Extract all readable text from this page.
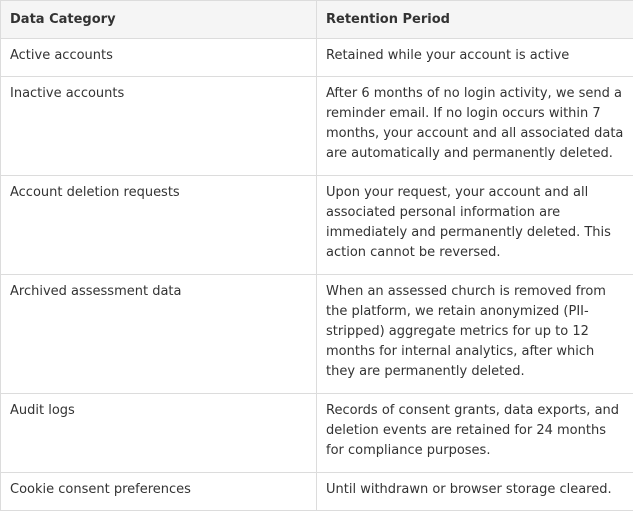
Data Category	Retention Period
Active accounts	Retained while your account is active
Inactive accounts	After 6 months of no login activity, we send a reminder email. If no login occurs within 7 months, your account and all associated data are automatically and permanently deleted.
Account deletion requests	Upon your request, your account and all associated personal information are immediately and permanently deleted. This action cannot be reversed.
Archived assessment data	When an assessed church is removed from the platform, we retain anonymized (PII-stripped) aggregate metrics for up to 12 months for internal analytics, after which they are permanently deleted.
Audit logs	Records of consent grants, data exports, and deletion events are retained for 24 months for compliance purposes.
Cookie consent preferences	Until withdrawn or browser storage cleared.
